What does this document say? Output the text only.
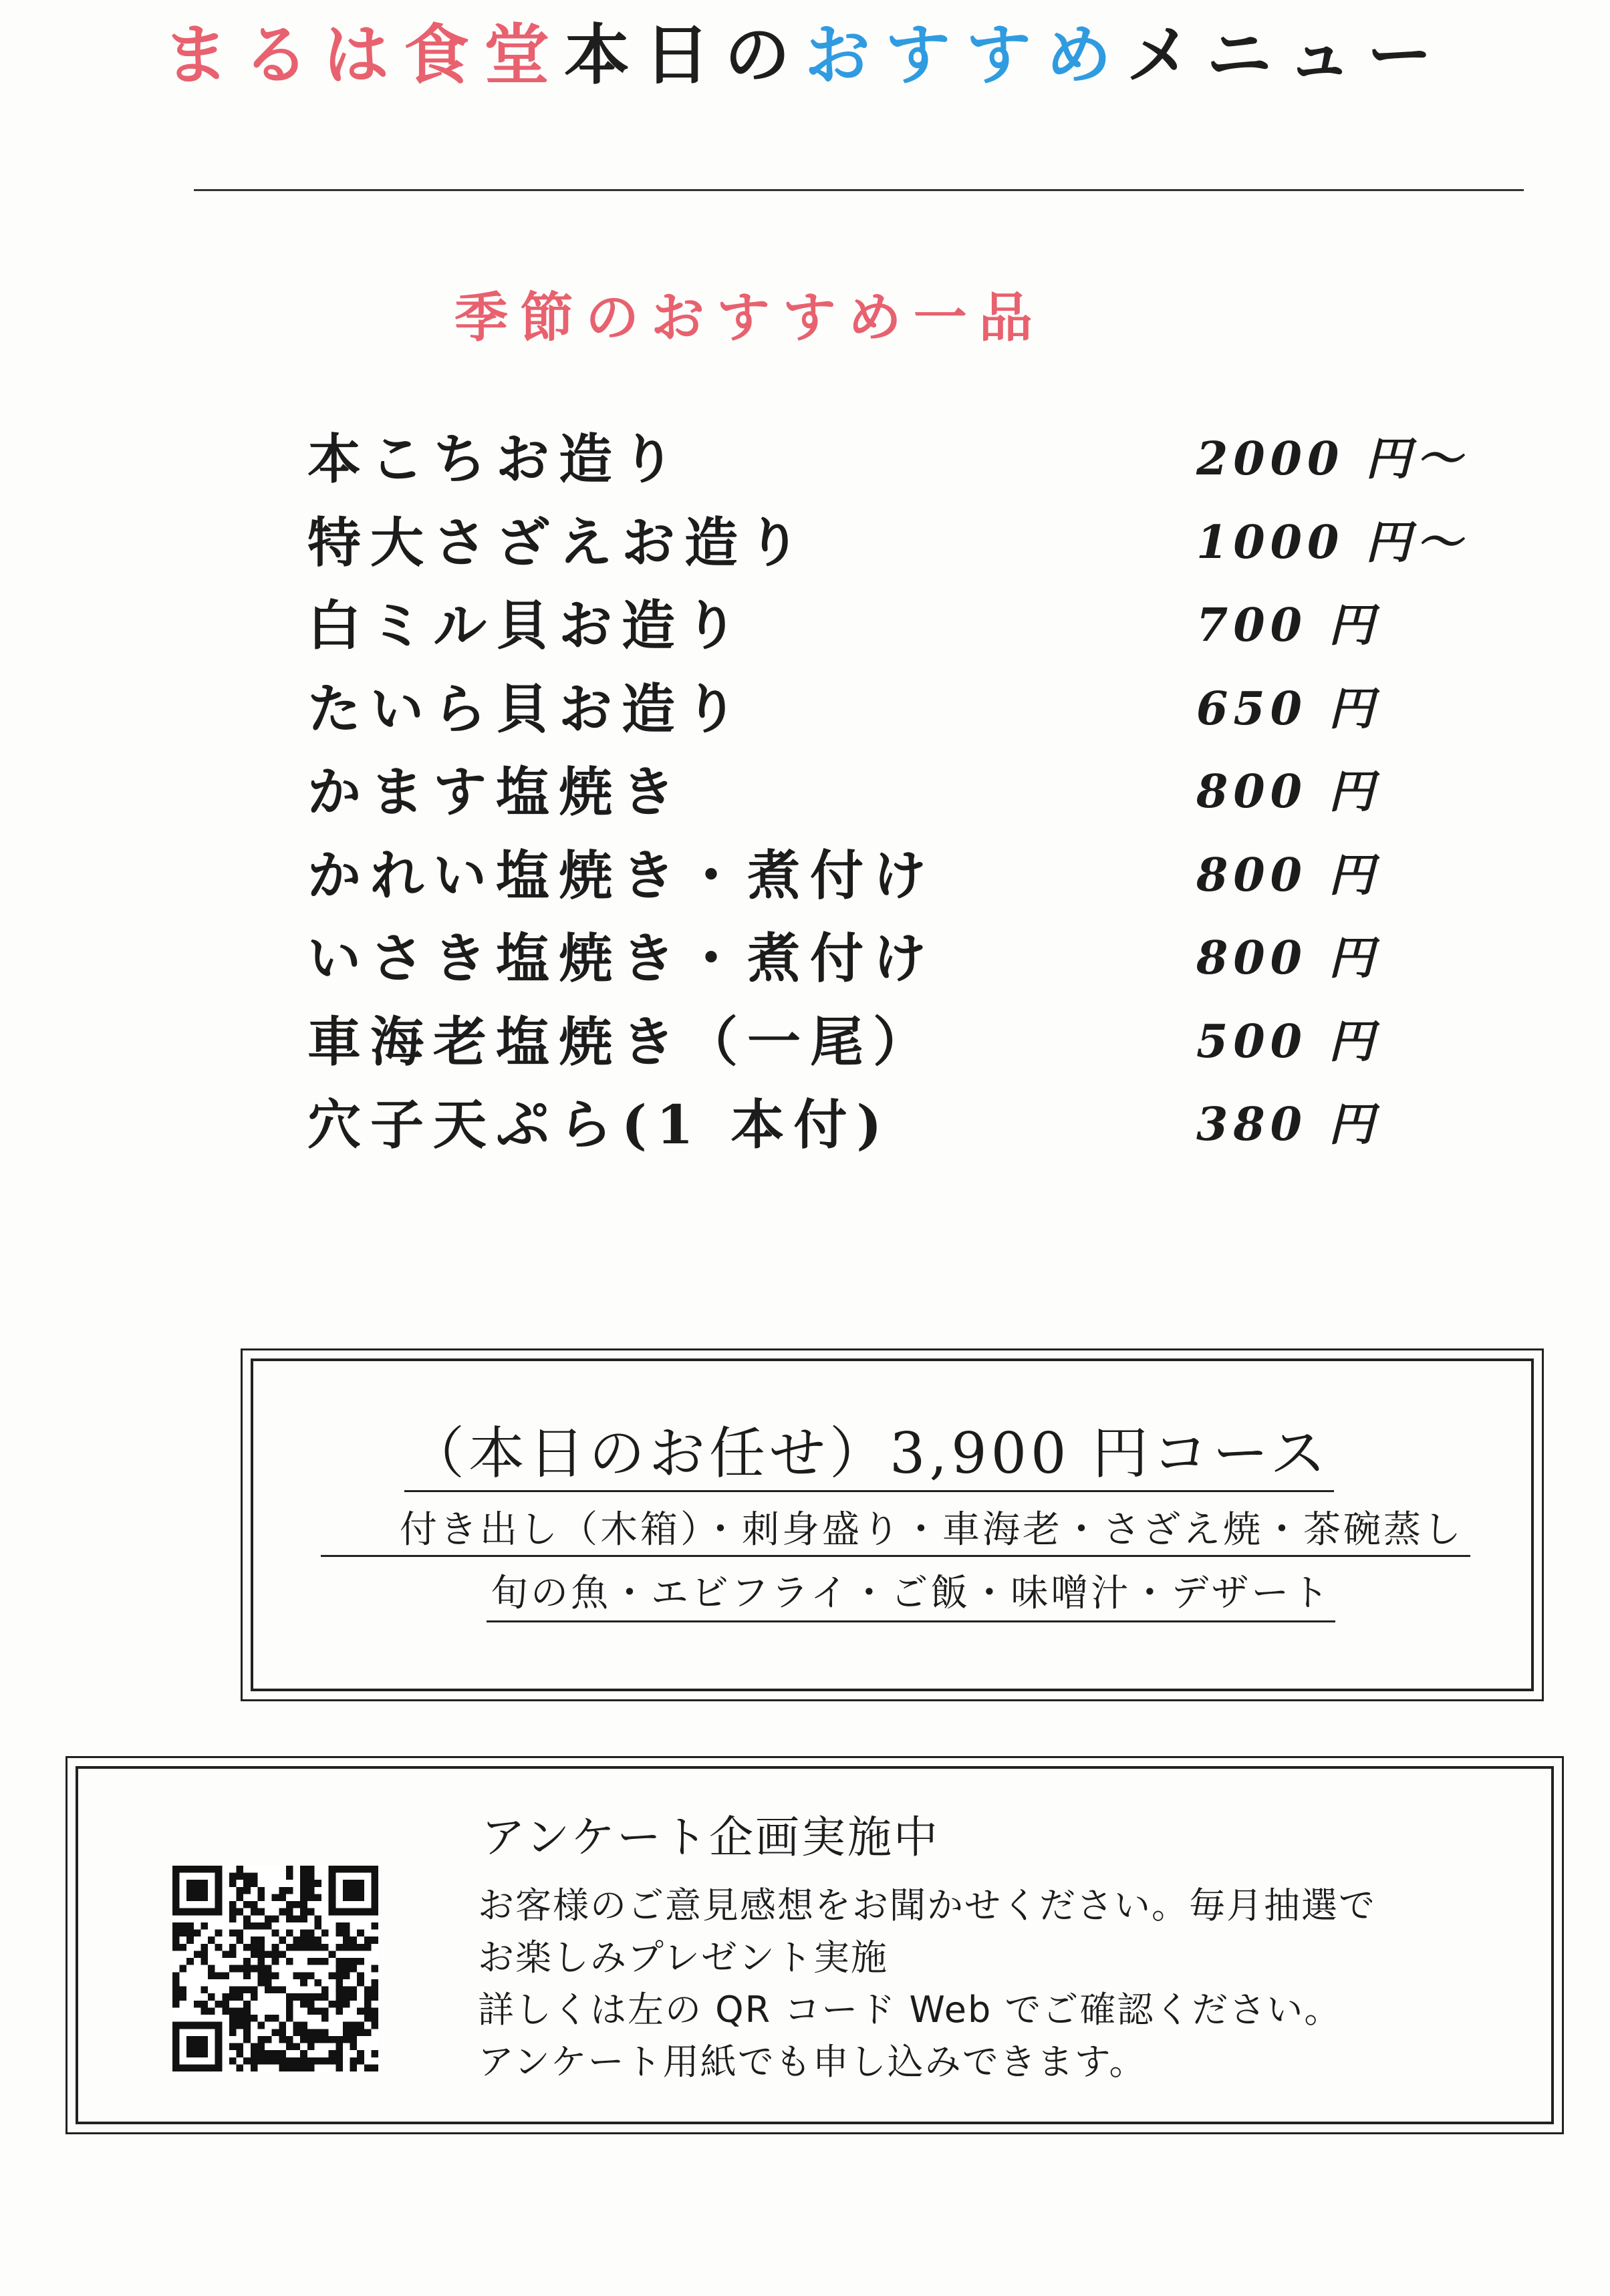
まるは食堂本日のおすすめメニュー
季節のおすすめ一品
本こちお造り	2000 円～
特大さざえお造り	1000 円～
白ミル貝お造り	700 円
たいら貝お造り	650 円
かます塩焼き	800 円
かれい塩焼き・煮付け	800 円
いさき塩焼き・煮付け	800 円
車海老塩焼き（一尾）	500 円
穴子天ぷら(1 本付)	380 円
（本日のお任せ）3,900 円コース
付き出し（木箱）・刺身盛り・車海老・さざえ焼・茶碗蒸し
旬の魚・エビフライ・ご飯・味噌汁・デザート
アンケート企画実施中
お客様のご意見感想をお聞かせください。毎月抽選で
お楽しみプレゼント実施
詳しくは左の QR コード Web でご確認ください。
アンケート用紙でも申し込みできます。
